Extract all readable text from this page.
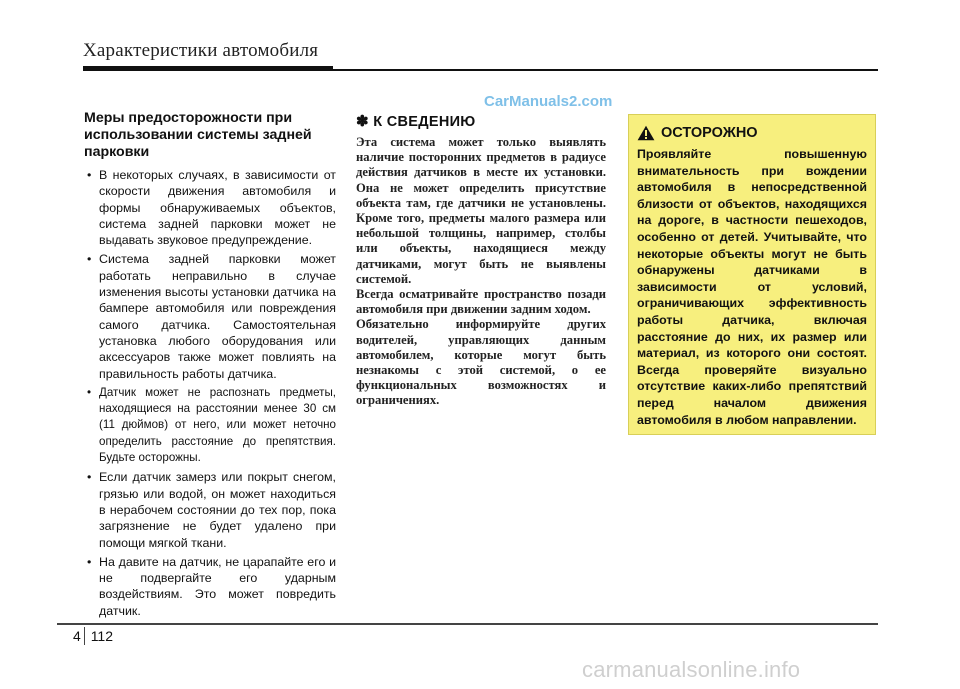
Характеристики автомобиля
CarManuals2.com
Меры предосторожности при использовании системы задней парковки
• В некоторых случаях, в зависимости от скорости движения автомобиля и формы обнаруживаемых объектов, система задней парковки может не выдавать звуковое предупреждение.
• Система задней парковки может работать неправильно в случае изменения высоты установки датчика на бампере автомобиля или повреждения самого датчика. Самостоятельная установка любого оборудования или аксессуаров также может повлиять на правильность работы датчика.
• Датчик может не распознать предметы, находящиеся на расстоянии менее 30 см (11 дюймов) от него, или может неточно определить расстояние до препятствия. Будьте осторожны.
• Если датчик замерз или покрыт снегом, грязью или водой, он может находиться в нерабочем состоянии до тех пор, пока загрязнение не будет удалено при помощи мягкой ткани.
• На давите на датчик, не царапайте его и не подвергайте его ударным воздействиям. Это может повредить датчик.
✽ К СВЕДЕНИЮ

Эта система может только выявлять наличие посторонних предметов в радиусе действия датчиков в месте их установки. Она не может определить присутствие объекта там, где датчики не установлены. Кроме того, предметы малого размера или небольшой толщины, например, столбы или объекты, находящиеся между датчиками, могут быть не выявлены системой.

Всегда осматривайте пространство позади автомобиля при движении задним ходом.

Обязательно информируйте других водителей, управляющих данным автомобилем, которые могут быть незнакомы с этой системой, о ее функциональных возможностях и ограничениях.

ОСТОРОЖНО

Проявляйте повышенную внимательность при вождении автомобиля в непосредственной близости от объектов, находящихся на дороге, в частности пешеходов, особенно от детей. Учитывайте, что некоторые объекты могут не быть обнаружены датчиками в зависимости от условий, ограничивающих эффективность работы датчика, включая расстояние до них, их размер или материал, из которого они состоят. Всегда проверяйте визуально отсутствие каких-либо препятствий перед началом движения автомобиля в любом направлении.

4 112
carmanualsonline.info
